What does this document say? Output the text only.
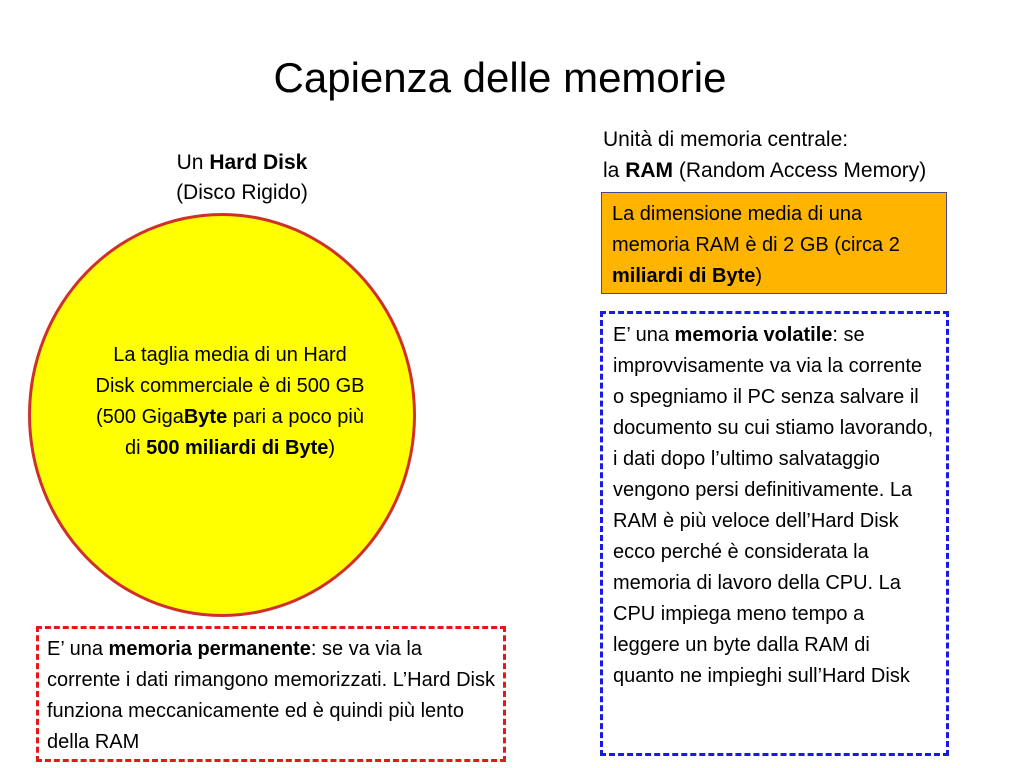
Capienza delle memorie
Un Hard Disk
(Disco Rigido)
La taglia media di un Hard Disk commerciale è di 500 GB (500 GigaByte pari a poco più di 500 miliardi di Byte)
Unità di memoria centrale:
la RAM (Random Access Memory)
La dimensione media di una memoria RAM è di 2 GB (circa 2 miliardi di Byte)
E’ una memoria volatile: se improvvisamente va via la corrente o spegniamo il PC senza salvare il documento su cui stiamo lavorando, i dati dopo l’ultimo salvataggio vengono persi definitivamente. La RAM è più veloce dell’Hard Disk ecco perché è considerata la memoria di lavoro della CPU. La CPU impiega meno tempo a leggere un byte dalla RAM di quanto ne impieghi sull’Hard Disk
E’ una memoria permanente: se va via la corrente i dati rimangono memorizzati. L’Hard Disk funziona meccanicamente ed è quindi più lento della RAM
